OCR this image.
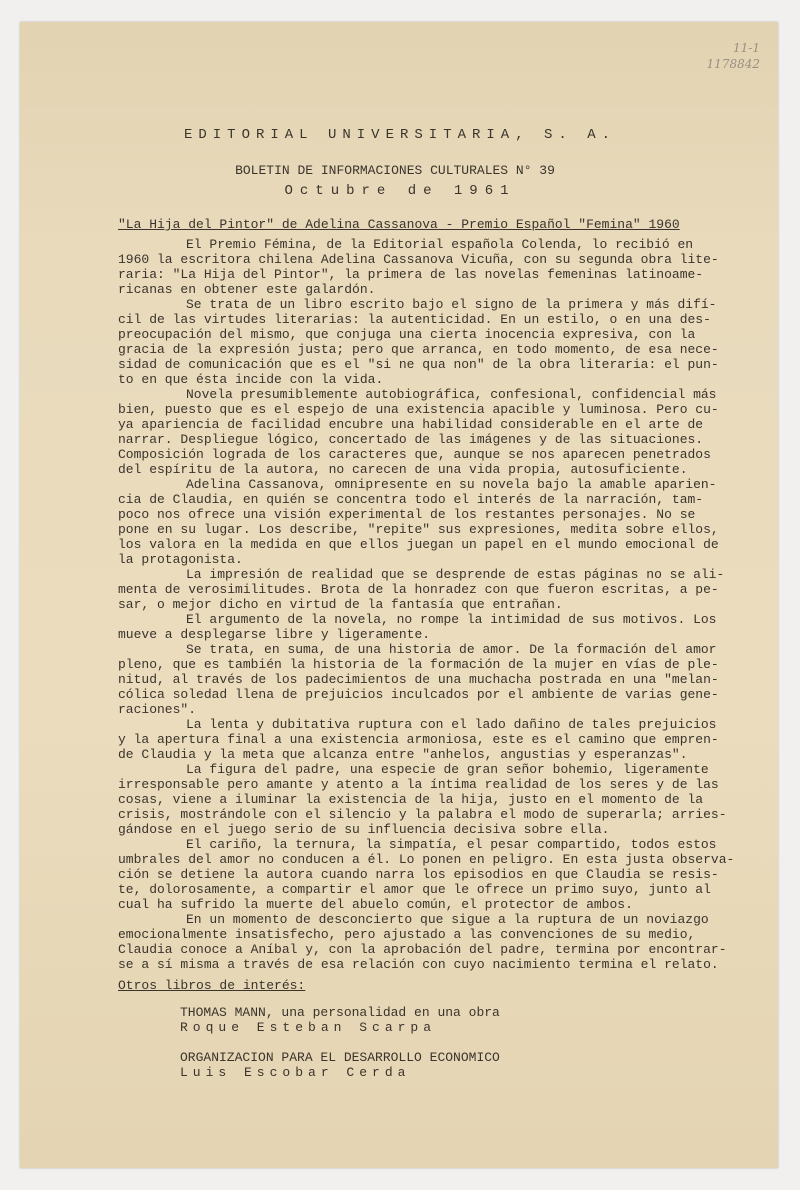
11-1
1178842
EDITORIAL UNIVERSITARIA, S. A.
BOLETIN DE INFORMACIONES CULTURALES N° 39
Octubre de 1961
"La Hija del Pintor" de Adelina Cassanova - Premio Español "Femina" 1960
El Premio Fémina, de la Editorial española Colenda, lo recibió en
1960 la escritora chilena Adelina Cassanova Vicuña, con su segunda obra lite-
raria: "La Hija del Pintor", la primera de las novelas femeninas latinoame-
ricanas en obtener este galardón.
Se trata de un libro escrito bajo el signo de la primera y más difí-
cil de las virtudes literarias: la autenticidad. En un estilo, o en una des-
preocupación del mismo, que conjuga una cierta inocencia expresiva, con la
gracia de la expresión justa; pero que arranca, en todo momento, de esa nece-
sidad de comunicación que es el "si ne qua non" de la obra literaria: el pun-
to en que ésta incide con la vida.
Novela presumiblemente autobiográfica, confesional, confidencial más
bien, puesto que es el espejo de una existencia apacible y luminosa. Pero cu-
ya apariencia de facilidad encubre una habilidad considerable en el arte de
narrar. Despliegue lógico, concertado de las imágenes y de las situaciones.
Composición lograda de los caracteres que, aunque se nos aparecen penetrados
del espíritu de la autora, no carecen de una vida propia, autosuficiente.
Adelina Cassanova, omnipresente en su novela bajo la amable aparien-
cia de Claudia, en quién se concentra todo el interés de la narración, tam-
poco nos ofrece una visión experimental de los restantes personajes. No se
pone en su lugar. Los describe, "repite" sus expresiones, medita sobre ellos,
los valora en la medida en que ellos juegan un papel en el mundo emocional de
la protagonista.
La impresión de realidad que se desprende de estas páginas no se ali-
menta de verosimilitudes. Brota de la honradez con que fueron escritas, a pe-
sar, o mejor dicho en virtud de la fantasía que entrañan.
El argumento de la novela, no rompe la intimidad de sus motivos. Los
mueve a desplegarse libre y ligeramente.
Se trata, en suma, de una historia de amor. De la formación del amor
pleno, que es también la historia de la formación de la mujer en vías de ple-
nitud, al través de los padecimientos de una muchacha postrada en una "melan-
cólica soledad llena de prejuicios inculcados por el ambiente de varias gene-
raciones".
La lenta y dubitativa ruptura con el lado dañino de tales prejuicios
y la apertura final a una existencia armoniosa, este es el camino que empren-
de Claudia y la meta que alcanza entre "anhelos, angustias y esperanzas".
La figura del padre, una especie de gran señor bohemio, ligeramente
irresponsable pero amante y atento a la íntima realidad de los seres y de las
cosas, viene a iluminar la existencia de la hija, justo en el momento de la
crisis, mostrándole con el silencio y la palabra el modo de superarla; arries-
gándose en el juego serio de su influencia decisiva sobre ella.
El cariño, la ternura, la simpatía, el pesar compartido, todos estos
umbrales del amor no conducen a él. Lo ponen en peligro. En esta justa observa-
ción se detiene la autora cuando narra los episodios en que Claudia se resis-
te, dolorosamente, a compartir el amor que le ofrece un primo suyo, junto al
cual ha sufrido la muerte del abuelo común, el protector de ambos.
En un momento de desconcierto que sigue a la ruptura de un noviazgo
emocionalmente insatisfecho, pero ajustado a las convenciones de su medio,
Claudia conoce a Aníbal y, con la aprobación del padre, termina por encontrar-
se a sí misma a través de esa relación con cuyo nacimiento termina el relato.
Otros libros de interés:
THOMAS MANN, una personalidad en una obra
Roque Esteban Scarpa
ORGANIZACION PARA EL DESARROLLO ECONOMICO
Luis Escobar Cerda
